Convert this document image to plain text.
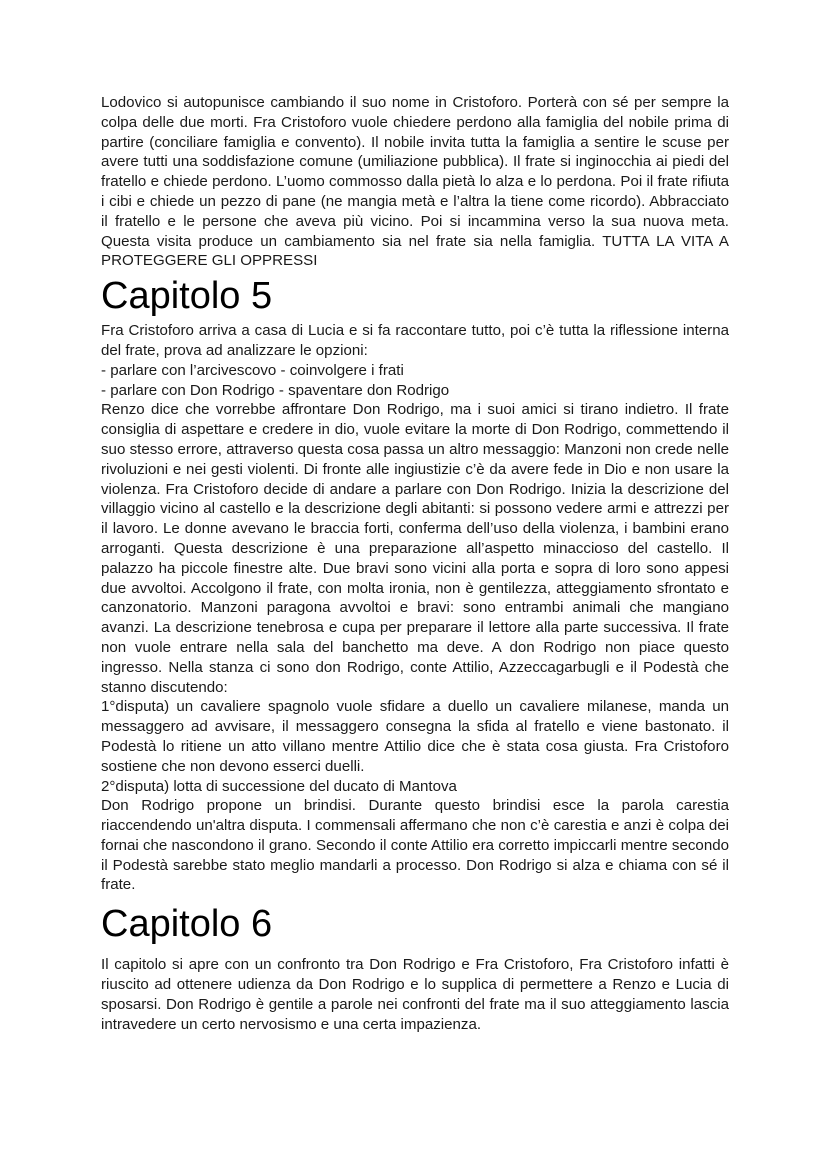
Lodovico si autopunisce cambiando il suo nome in Cristoforo. Porterà con sé per sempre la colpa delle due morti. Fra Cristoforo vuole chiedere perdono alla famiglia del nobile prima di partire (conciliare famiglia e convento). Il nobile invita tutta la famiglia a sentire le scuse per avere tutti una soddisfazione comune (umiliazione pubblica). Il frate si inginocchia ai piedi del fratello e chiede perdono. L’uomo commosso dalla pietà lo alza e lo perdona. Poi il frate rifiuta i cibi e chiede un pezzo di pane (ne mangia metà e l’altra la tiene come ricordo). Abbracciato il fratello e le persone che aveva più vicino. Poi si incammina verso la sua nuova meta. Questa visita produce un cambiamento sia nel frate sia nella famiglia. TUTTA LA VITA A PROTEGGERE GLI OPPRESSI

Capitolo 5

Fra Cristoforo arriva a casa di Lucia e si fa raccontare tutto, poi c’è tutta la riflessione interna del frate, prova ad analizzare le opzioni:

- parlare con l’arcivescovo - coinvolgere i frati

- parlare con Don Rodrigo - spaventare don Rodrigo

Renzo dice che vorrebbe affrontare Don Rodrigo, ma i suoi amici si tirano indietro. Il frate consiglia di aspettare e credere in dio, vuole evitare la morte di Don Rodrigo, commettendo il suo stesso errore, attraverso questa cosa passa un altro messaggio: Manzoni non crede nelle rivoluzioni e nei gesti violenti. Di fronte alle ingiustizie c’è da avere fede in Dio e non usare la violenza. Fra Cristoforo decide di andare a parlare con Don Rodrigo. Inizia la descrizione del villaggio vicino al castello e la descrizione degli abitanti: si possono vedere armi e attrezzi per il lavoro. Le donne avevano le braccia forti, conferma dell’uso della violenza, i bambini erano arroganti. Questa descrizione è una preparazione all’aspetto minaccioso del castello. Il palazzo ha piccole finestre alte. Due bravi sono vicini alla porta e sopra di loro sono appesi due avvoltoi. Accolgono il frate, con molta ironia, non è gentilezza, atteggiamento sfrontato e canzonatorio. Manzoni paragona avvoltoi e bravi: sono entrambi animali che mangiano avanzi. La descrizione tenebrosa e cupa per preparare il lettore alla parte successiva. Il frate non vuole entrare nella sala del banchetto ma deve. A don Rodrigo non piace questo ingresso. Nella stanza ci sono don Rodrigo, conte Attilio, Azzeccagarbugli e il Podestà che stanno discutendo:

1°disputa) un cavaliere spagnolo vuole sfidare a duello un cavaliere milanese, manda un messaggero ad avvisare, il messaggero consegna la sfida al fratello e viene bastonato. il Podestà lo ritiene un atto villano mentre Attilio dice che è stata cosa giusta. Fra Cristoforo sostiene che non devono esserci duelli.

2°disputa) lotta di successione del ducato di Mantova

Don Rodrigo propone un brindisi. Durante questo brindisi esce la parola carestia riaccendendo un'altra disputa. I commensali affermano che non c’è carestia e anzi è colpa dei fornai che nascondono il grano. Secondo il conte Attilio era corretto impiccarli mentre secondo il Podestà sarebbe stato meglio mandarli a processo. Don Rodrigo si alza e chiama con sé il frate.

Capitolo 6

Il capitolo si apre con un confronto tra Don Rodrigo e Fra Cristoforo, Fra Cristoforo infatti è riuscito ad ottenere udienza da Don Rodrigo e lo supplica di permettere a Renzo e Lucia di sposarsi. Don Rodrigo è gentile a parole nei confronti del frate ma il suo atteggiamento lascia intravedere un certo nervosismo e una certa impazienza.
